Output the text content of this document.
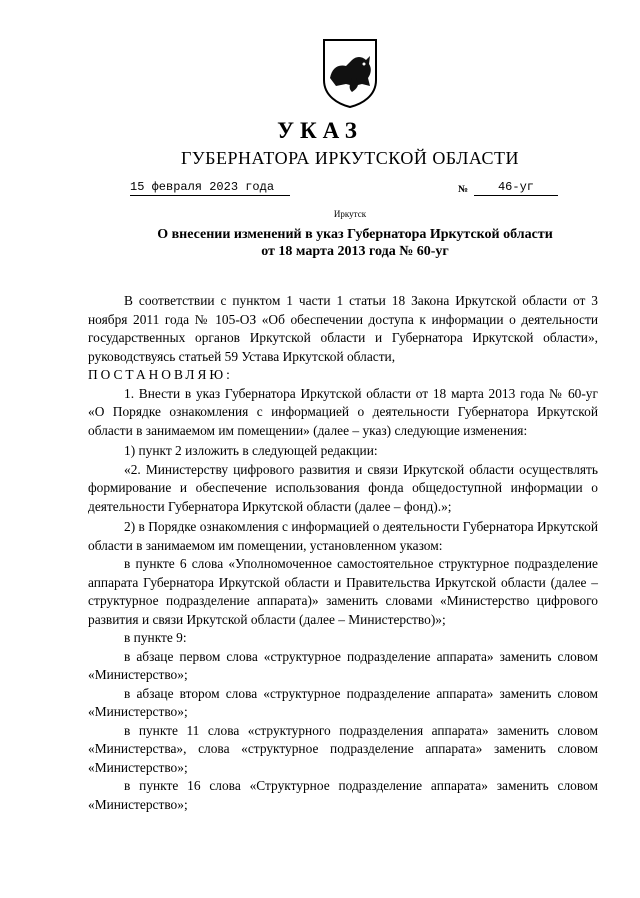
УКАЗ
ГУБЕРНАТОРА ИРКУТСКОЙ ОБЛАСТИ
15 февраля 2023 года	№	46-уг
Иркутск
О внесении изменений в указ Губернатора Иркутской области
от 18 марта 2013 года № 60-уг

В соответствии с пунктом 1 части 1 статьи 18 Закона Иркутской области от 3 ноября 2011 года № 105-ОЗ «Об обеспечении доступа к информации о деятельности государственных органов Иркутской области и Губернатора Иркутской области», руководствуясь статьей 59 Устава Иркутской области,

ПОСТАНОВЛЯЮ:

1. Внести в указ Губернатора Иркутской области от 18 марта 2013 года № 60-уг «О Порядке ознакомления с информацией о деятельности Губернатора Иркутской области в занимаемом им помещении» (далее – указ) следующие изменения:

1) пункт 2 изложить в следующей редакции:

«2. Министерству цифрового развития и связи Иркутской области осуществлять формирование и обеспечение использования фонда общедоступной информации о деятельности Губернатора Иркутской области (далее – фонд).»;

2) в Порядке ознакомления с информацией о деятельности Губернатора Иркутской области в занимаемом им помещении, установленном указом:

в пункте 6 слова «Уполномоченное самостоятельное структурное подразделение аппарата Губернатора Иркутской области и Правительства Иркутской области (далее – структурное подразделение аппарата)» заменить словами «Министерство цифрового развития и связи Иркутской области (далее – Министерство)»;

в пункте 9:

в абзаце первом слова «структурное подразделение аппарата» заменить словом «Министерство»;

в абзаце втором слова «структурное подразделение аппарата» заменить словом «Министерство»;

в пункте 11 слова «структурного подразделения аппарата» заменить словом «Министерства», слова «структурное подразделение аппарата» заменить словом «Министерство»;

в пункте 16 слова «Структурное подразделение аппарата» заменить словом «Министерство»;
